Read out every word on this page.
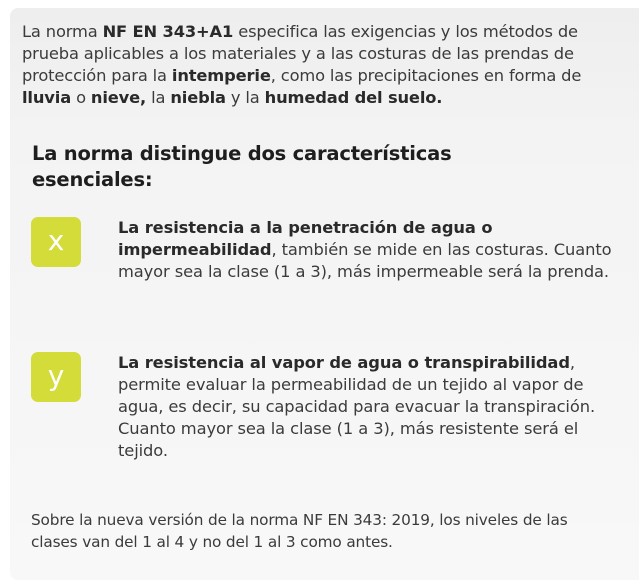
La norma NF EN 343+A1 especifica las exigencias y los métodos de prueba aplicables a los materiales y a las costuras de las prendas de protección para la intemperie, como las precipitaciones en forma de lluvia o nieve, la niebla y la humedad del suelo.

La norma distingue dos características esenciales:
x	La resistencia a la penetración de agua o impermeabilidad, también se mide en las costuras. Cuanto mayor sea la clase (1 a 3), más impermeable será la prenda.

y	La resistencia al vapor de agua o transpirabilidad, permite evaluar la permeabilidad de un tejido al vapor de agua, es decir, su capacidad para evacuar la transpiración. Cuanto mayor sea la clase (1 a 3), más resistente será el tejido.

Sobre la nueva versión de la norma NF EN 343: 2019, los niveles de las clases van del 1 al 4 y no del 1 al 3 como antes.
